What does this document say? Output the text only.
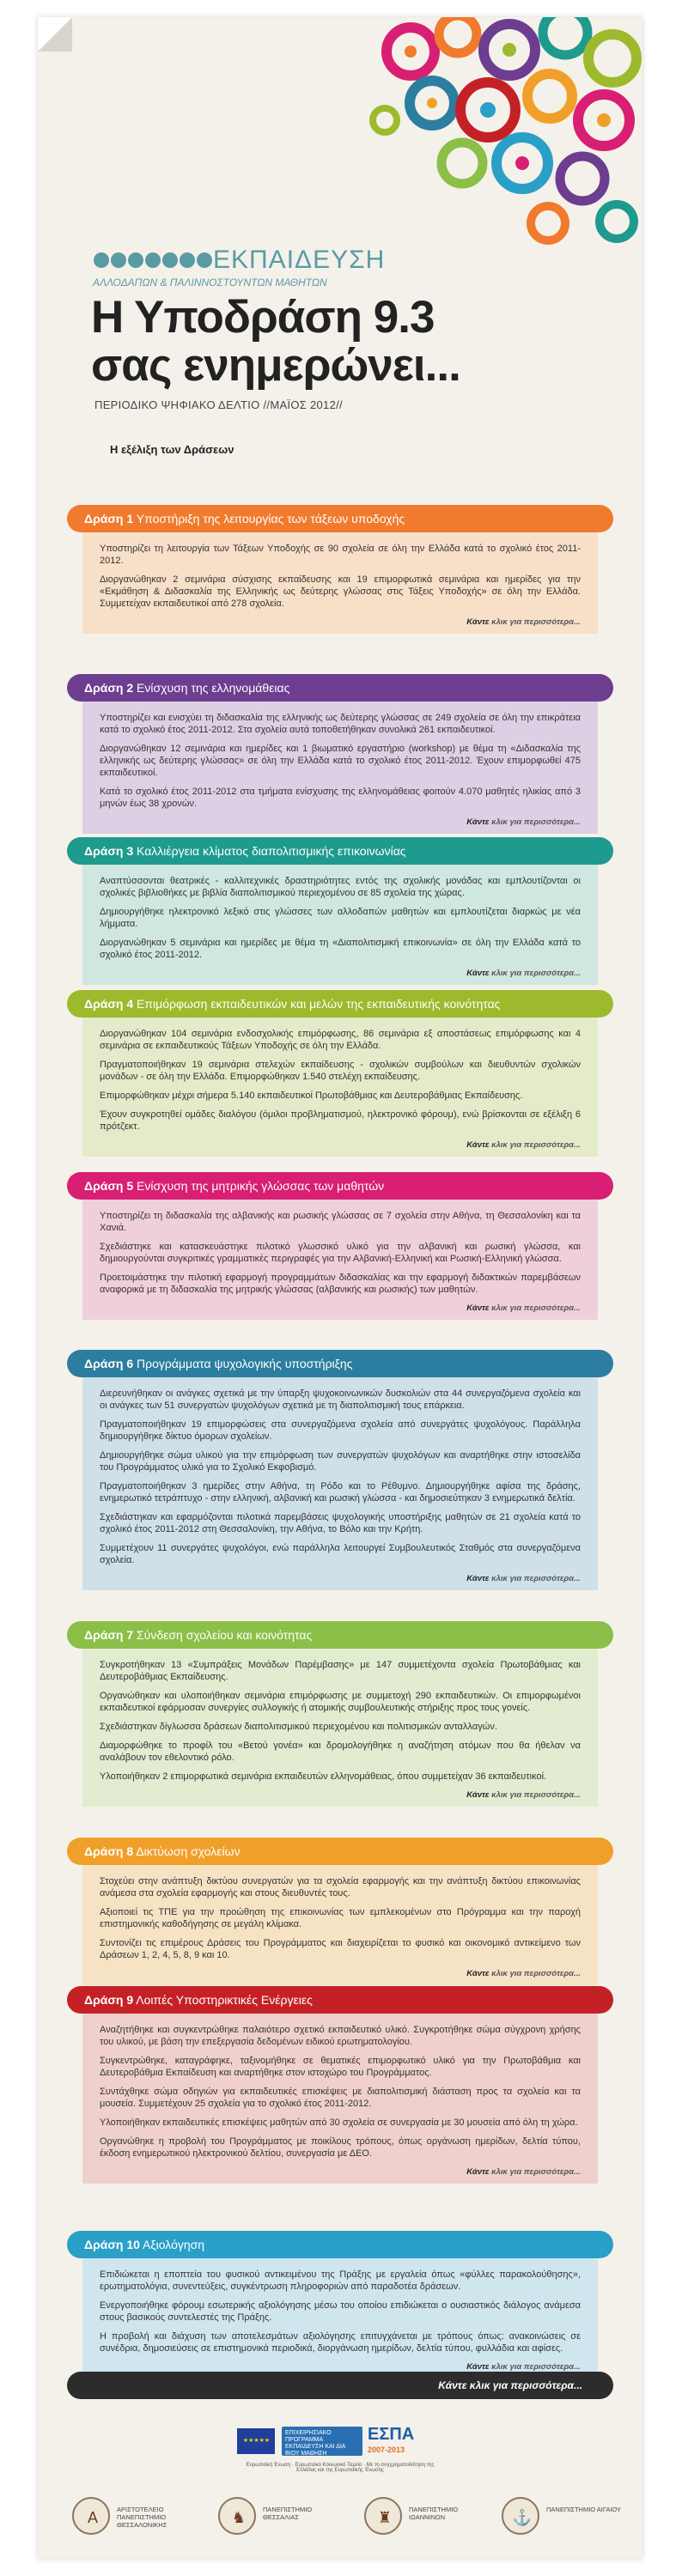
ΕΚΠΑΙΔΕΥΣΗ
ΑΛΛΟΔΑΠΩΝ & ΠΑΛΙΝΝΟΣΤΟΥΝΤΩΝ ΜΑΘΗΤΩΝ
Η Υποδράση 9.3
σας ενημερώνει...
ΠΕΡΙΟΔΙΚΟ ΨΗΦΙΑΚΟ ΔΕΛΤΙΟ //ΜΑΪΟΣ 2012//
Η εξέλιξη των Δράσεων
Δράση 1 Υποστήριξη της λειτουργίας των τάξεων υποδοχής

Υποστηρίζει τη λειτουργία των Τάξεων Υποδοχής σε 90 σχολεία σε όλη την Ελλάδα κατά το σχολικό έτος 2011- 2012.

Διοργανώθηκαν 2 σεμινάρια σύσχισης εκπαίδευσης και 19 επιμορφωτικά σεμινάρια και ημερίδες για την «Εκμάθηση & Διδασκαλία της Ελληνικής ως δεύτερης γλώσσας στις Τάξεις Υποδοχής» σε όλη την Ελλάδα. Συμμετείχαν εκπαιδευτικοί από 278 σχολεία.

Κάντε κλικ για περισσότερα...
Δράση 2 Ενίσχυση της ελληνομάθειας

Υποστηρίζει και ενισχύει τη διδασκαλία της ελληνικής ως δεύτερης γλώσσας σε 249 σχολεία σε όλη την επικράτεια κατά το σχολικό έτος 2011-2012. Στα σχολεία αυτά τοποθετήθηκαν συνολικά 261 εκπαιδευτικοί.

Διοργανώθηκαν 12 σεμινάρια και ημερίδες και 1 βιωματικό εργαστήριο (workshop) με θέμα τη «Διδασκαλία της ελληνικής ως δεύτερης γλώσσας» σε όλη την Ελλάδα κατά το σχολικό έτος 2011-2012. Έχουν επιμορφωθεί 475 εκπαιδευτικοί.

Κατά το σχολικό έτος 2011-2012 στα τμήματα ενίσχυσης της ελληνομάθειας φοιτούν 4.070 μαθητές ηλικίας από 3 μηνών έως 38 χρονών.

Κάντε κλικ για περισσότερα...
Δράση 3 Καλλιέργεια κλίματος διαπολιτισμικής επικοινωνίας

Αναπτύσσονται θεατρικές - καλλιτεχνικές δραστηριότητες εντός της σχολικής μονάδας και εμπλουτίζονται οι σχολικές βιβλιοθήκες με βιβλία διαπολιτισμικού περιεχομένου σε 85 σχολεία της χώρας.

Δημιουργήθηκε ηλεκτρονικό λεξικό στις γλώσσες των αλλοδαπών μαθητών και εμπλουτίζεται διαρκώς με νέα λήμματα.

Διοργανώθηκαν 5 σεμινάρια και ημερίδες με θέμα τη «Διαπολιτισμική επικοινωνία» σε όλη την Ελλάδα κατά το σχολικό έτος 2011-2012.

Κάντε κλικ για περισσότερα...
Δράση 4 Επιμόρφωση εκπαιδευτικών και μελών της εκπαιδευτικής κοινότητας

Διοργανώθηκαν 104 σεμινάρια ενδοσχολικής επιμόρφωσης, 86 σεμινάρια εξ αποστάσεως επιμόρφωσης και 4 σεμινάρια σε εκπαιδευτικούς Τάξεων Υποδοχής σε όλη την Ελλάδα.

Πραγματοποιήθηκαν 19 σεμινάρια στελεχών εκπαίδευσης - σχολικών συμβούλων και διευθυντών σχολικών μονάδων - σε όλη την Ελλάδα. Επιμορφώθηκαν 1.540 στελέχη εκπαίδευσης.

Επιμορφώθηκαν μέχρι σήμερα 5.140 εκπαιδευτικοί Πρωτοβάθμιας και Δευτεροβάθμιας Εκπαίδευσης.

Έχουν συγκροτηθεί ομάδες διαλόγου (όμιλοι προβληματισμού, ηλεκτρονικό φόρουμ), ενώ βρίσκονται σε εξέλιξη 6 πρότζεκτ.

Κάντε κλικ για περισσότερα...
Δράση 5 Ενίσχυση της μητρικής γλώσσας των μαθητών

Υποστηρίζει τη διδασκαλία της αλβανικής και ρωσικής γλώσσας σε 7 σχολεία στην Αθήνα, τη Θεσσαλονίκη και τα Χανιά.

Σχεδιάστηκε και κατασκευάστηκε πιλοτικό γλωσσικό υλικό για την αλβανική και ρωσική γλώσσα, και δημιουργούνται συγκριτικές γραμματικές περιγραφές για την Αλβανική-Ελληνική και Ρωσική-Ελληνική γλώσσα.

Προετοιμάστηκε την πιλοτική εφαρμογή προγραμμάτων διδασκαλίας και την εφαρμογή διδακτικών παρεμβάσεων αναφορικά με τη διδασκαλία της μητρικής γλώσσας (αλβανικής και ρωσικής) των μαθητών.

Κάντε κλικ για περισσότερα...
Δράση 6 Προγράμματα ψυχολογικής υποστήριξης

Διερευνήθηκαν οι ανάγκες σχετικά με την ύπαρξη ψυχοκοινωνικών δυσκολιών στα 44 συνεργαζόμενα σχολεία και οι ανάγκες των 51 συνεργατών ψυχολόγων σχετικά με τη διαπολιτισμική τους επάρκεια.

Πραγματοποιήθηκαν 19 επιμορφώσεις στα συνεργαζόμενα σχολεία από συνεργάτες ψυχολόγους. Παράλληλα δημιουργήθηκε δίκτυο όμορων σχολείων.

Δημιουργήθηκε σώμα υλικού για την επιμόρφωση των συνεργατών ψυχολόγων και αναρτήθηκε στην ιστοσελίδα του Προγράμματος υλικό για το Σχολικό Εκφοβισμό.

Πραγματοποιήθηκαν 3 ημερίδες στην Αθήνα, τη Ρόδο και το Ρέθυμνο. Δημιουργήθηκε αφίσα της δράσης, ενημερωτικό τετράπτυχο - στην ελληνική, αλβανική και ρωσική γλώσσα - και δημοσιεύτηκαν 3 ενημερωτικά δελτία.

Σχεδιάστηκαν και εφαρμόζονται πιλοτικά παρεμβάσεις ψυχολογικής υποστήριξης μαθητών σε 21 σχολεία κατά το σχολικό έτος 2011-2012 στη Θεσσαλονίκη, την Αθήνα, το Βόλο και την Κρήτη.

Συμμετέχουν 11 συνεργάτες ψυχολόγοι, ενώ παράλληλα λειτουργεί Συμβουλευτικός Σταθμός στα συνεργαζόμενα σχολεία.

Κάντε κλικ για περισσότερα...
Δράση 7 Σύνδεση σχολείου και κοινότητας

Συγκροτήθηκαν 13 «Συμπράξεις Μονάδων Παρέμβασης» με 147 συμμετέχοντα σχολεία Πρωτοβάθμιας και Δευτεροβάθμιας Εκπαίδευσης.

Οργανώθηκαν και υλοποιήθηκαν σεμινάρια επιμόρφωσης με συμμετοχή 290 εκπαιδευτικών. Οι επιμορφωμένοι εκπαιδευτικοί εφάρμοσαν συνεργίες συλλογικής ή ατομικής συμβουλευτικής στήριξης προς τους γονείς.

Σχεδιάστηκαν δίγλωσσα δράσεων διαπολιτισμικού περιεχομένου και πολιτισμικών ανταλλαγών.

Διαμορφώθηκε το προφίλ του «Βετού γονέα» και δρομολογήθηκε η αναζήτηση ατόμων που θα ήθελαν να αναλάβουν τον εθελοντικό ρόλο.

Υλοποιήθηκαν 2 επιμορφωτικά σεμινάρια εκπαιδευτών ελληνομάθειας, όπου συμμετείχαν 36 εκπαιδευτικοί.

Κάντε κλικ για περισσότερα...
Δράση 8 Δικτύωση σχολείων

Στοχεύει στην ανάπτυξη δικτύου συνεργατών για τα σχολεία εφαρμογής και την ανάπτυξη δικτύου επικοινωνίας ανάμεσα στα σχολεία εφαρμογής και στους διευθυντές τους.

Αξιοποιεί τις ΤΠΕ για την προώθηση της επικοινωνίας των εμπλεκομένων στο Πρόγραμμα και την παροχή επιστημονικής καθοδήγησης σε μεγάλη κλίμακα.

Συντονίζει τις επιμέρους Δράσεις του Προγράμματος και διαχειρίζεται το φυσικό και οικονομικό αντικείμενο των Δράσεων 1, 2, 4, 5, 8, 9 και 10.

Κάντε κλικ για περισσότερα...
Δράση 9 Λοιπές Υποστηρικτικές Ενέργειες

Αναζητήθηκε και συγκεντρώθηκε παλαιότερο σχετικό εκπαιδευτικό υλικό. Συγκροτήθηκε σώμα σύγχρονη χρήσης του υλικού, με βάση την επεξεργασία δεδομένων ειδικού ερωτηματολογίου.

Συγκεντρώθηκε, καταγράφηκε, ταξινομήθηκε σε θεματικές επιμορφωτικό υλικό για την Πρωτοβάθμια και Δευτεροβάθμια Εκπαίδευση και αναρτήθηκε στον ιστοχώρο του Προγράμματος.

Συντάχθηκε σώμα οδηγιών για εκπαιδευτικές επισκέψεις με διαπολιτισμική διάσταση προς τα σχολεία και τα μουσεία. Συμμετέχουν 25 σχολεία για το σχολικό έτος 2011-2012.

Υλοποιήθηκαν εκπαιδευτικές επισκέψεις μαθητών από 30 σχολεία σε συνεργασία με 30 μουσεία από όλη τη χώρα.

Οργανώθηκε η προβολή του Προγράμματος με ποικίλους τρόπους, όπως οργάνωση ημερίδων, δελτία τύπου, έκδοση ενημερωτικού ηλεκτρονικού δελτίου, συνεργασία με ΔΕΟ.

Κάντε κλικ για περισσότερα...
Δράση 10 Αξιολόγηση

Επιδιώκεται η εποπτεία του φυσικού αντικειμένου της Πράξης με εργαλεία όπως «φύλλες παρακολούθησης», ερωτηματολόγια, συνεντεύξεις, συγκέντρωση πληροφοριών από παραδοτέα δράσεων.

Ενεργοποιήθηκε φόρουμ εσωτερικής αξιολόγησης μέσω του οποίου επιδιώκεται ο ουσιαστικός διάλογος ανάμεσα στους βασικούς συντελεστές της Πράξης.

Η προβολή και διάχυση των αποτελεσμάτων αξιολόγησης επιτυγχάνεται με τρόπους όπως: ανακοινώσεις σε συνέδρια, δημοσιεύσεις σε επιστημονικά περιοδικά, διοργάνωση ημερίδων, δελτία τύπου, φυλλάδια και αφίσες.

Κάντε κλικ για περισσότερα...
Κάντε κλικ για περισσότερα...
★ ★ ★ ★ ★
ΕΠΙΧΕΙΡΗΣΙΑΚΟ ΠΡΟΓΡΑΜΜΑ ΕΚΠΑΙΔΕΥΣΗ ΚΑΙ ΔΙΑ ΒΙΟΥ ΜΑΘΗΣΗ
ΕΣΠΑ
2007-2013
Ευρωπαϊκή Ένωση · Ευρωπαϊκό Κοινωνικό Ταμείο · Με τη συγχρηματοδότηση της Ελλάδας και της Ευρωπαϊκής Ένωσης
Α	ΑΡΙΣΤΟΤΕΛΕΙΟ ΠΑΝΕΠΙΣΤΗΜΙΟ ΘΕΣΣΑΛΟΝΙΚΗΣ	♞	ΠΑΝΕΠΙΣΤΗΜΙΟ ΘΕΣΣΑΛΙΑΣ	♜	ΠΑΝΕΠΙΣΤΗΜΙΟ ΙΩΑΝΝΙΝΩΝ	⚓	ΠΑΝΕΠΙΣΤΗΜΙΟ ΑΙΓΑΙΟΥ
